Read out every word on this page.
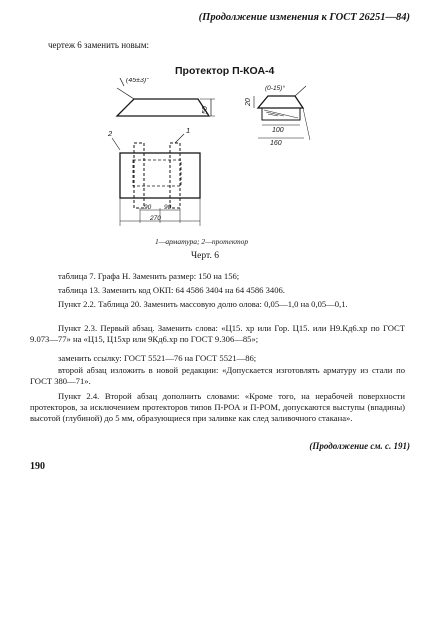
(Продолжение изменения к ГОСТ 26251—84)
чертеж 6 заменить новым:
Протектор П-КОА-4
(45±3)°
50
(0-15)°
20
100
160
2	1
90 90
270
1—арматура; 2—протектор
Черт. 6

таблица 7. Графа Н. Заменить размер: 150 на 156;

таблица 13. Заменить код ОКП: 64 4586 3404 на 64 4586 3406.

Пункт 2.2. Таблица 20. Заменить массовую долю олова: 0,05—1,0 на 0,05—0,1.

Пункт 2.3. Первый абзац. Заменить слова: «Ц15. хр или Гор. Ц15. или Н9.Кд6.хр по ГОСТ 9.073—77» на «Ц15, Ц15хр или 9Кд6.хр по ГОСТ 9.306—85»;

заменить ссылку: ГОСТ 5521—76 на ГОСТ 5521—86;

второй абзац изложить в новой редакции: «Допускается изготовлять арматуру из стали по ГОСТ 380—71».

Пункт 2.4. Второй абзац дополнить словами: «Кроме того, на нерабочей поверхности протекторов, за исключением протекторов типов П-РОА и П-РОМ, допускаются выступы (впадины) высотой (глубиной) до 5 мм, образующиеся при заливке как след заливочного стакана».

(Продолжение см. с. 191)
190
